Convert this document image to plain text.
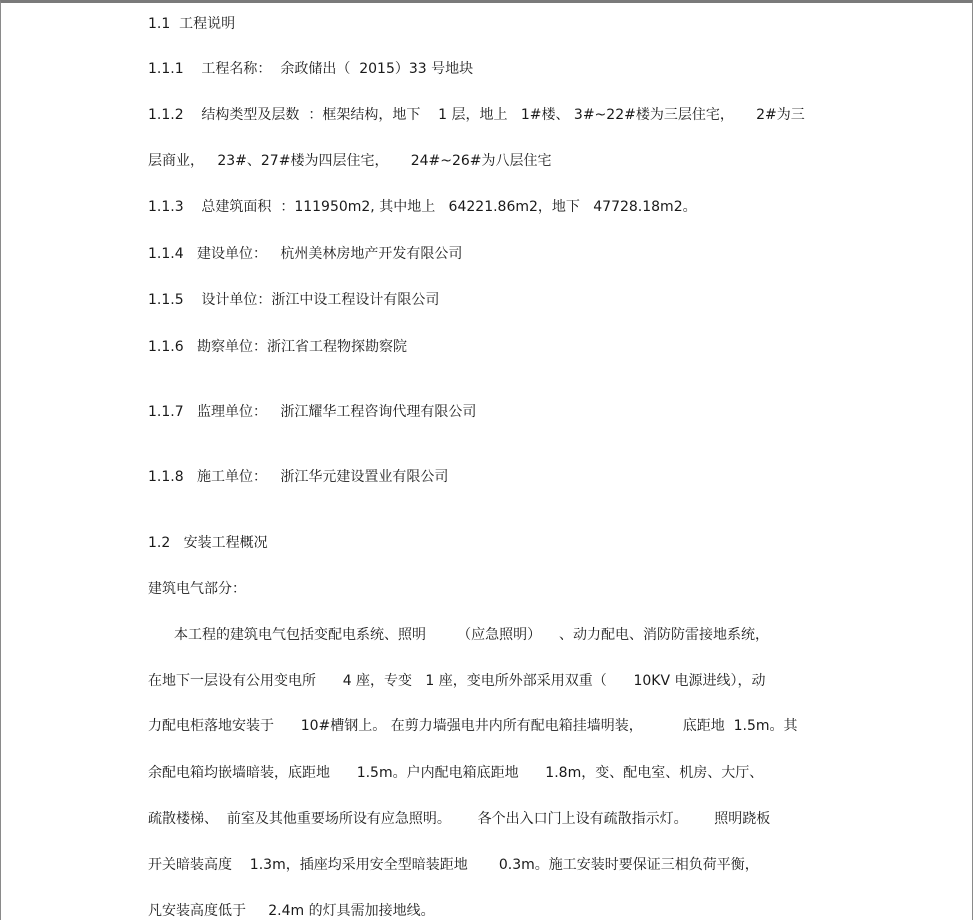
1.1  工程说明

1.1.1    工程名称：  余政储出（  2015）33 号地块

1.1.2    结构类型及层数  ：框架结构，地下    1 层，地上   1#楼、 3#~22#楼为三层住宅，     2#为三

层商业，   23#、27#楼为四层住宅，     24#~26#为八层住宅

1.1.3    总建筑面积  ：111950m2, 其中地上   64221.86m2，地下   47728.18m2。

1.1.4   建设单位：   杭州美林房地产开发有限公司

1.1.5    设计单位：浙江中设工程设计有限公司

1.1.6   勘察单位：浙江省工程物探勘察院

1.1.7   监理单位：   浙江耀华工程咨询代理有限公司

1.1.8   施工单位：   浙江华元建设置业有限公司

1.2   安装工程概况

建筑电气部分：

本工程的建筑电气包括变配电系统、照明       （应急照明）    、动力配电、消防防雷接地系统，

在地下一层设有公用变电所      4 座，专变   1 座，变电所外部采用双重（      10KV 电源进线），动

力配电柜落地安装于      10#槽钢上。 在剪力墙强电井内所有配电箱挂墙明装，         底距地  1.5m。其

余配电箱均嵌墙暗装，底距地      1.5m。户内配电箱底距地      1.8m，变、配电室、机房、大厅、

疏散楼梯、  前室及其他重要场所设有应急照明。      各个出入口门上设有疏散指示灯。      照明跷板

开关暗装高度    1.3m，插座均采用安全型暗装距地       0.3m。施工安装时要保证三相负荷平衡，

凡安装高度低于     2.4m 的灯具需加接地线。
